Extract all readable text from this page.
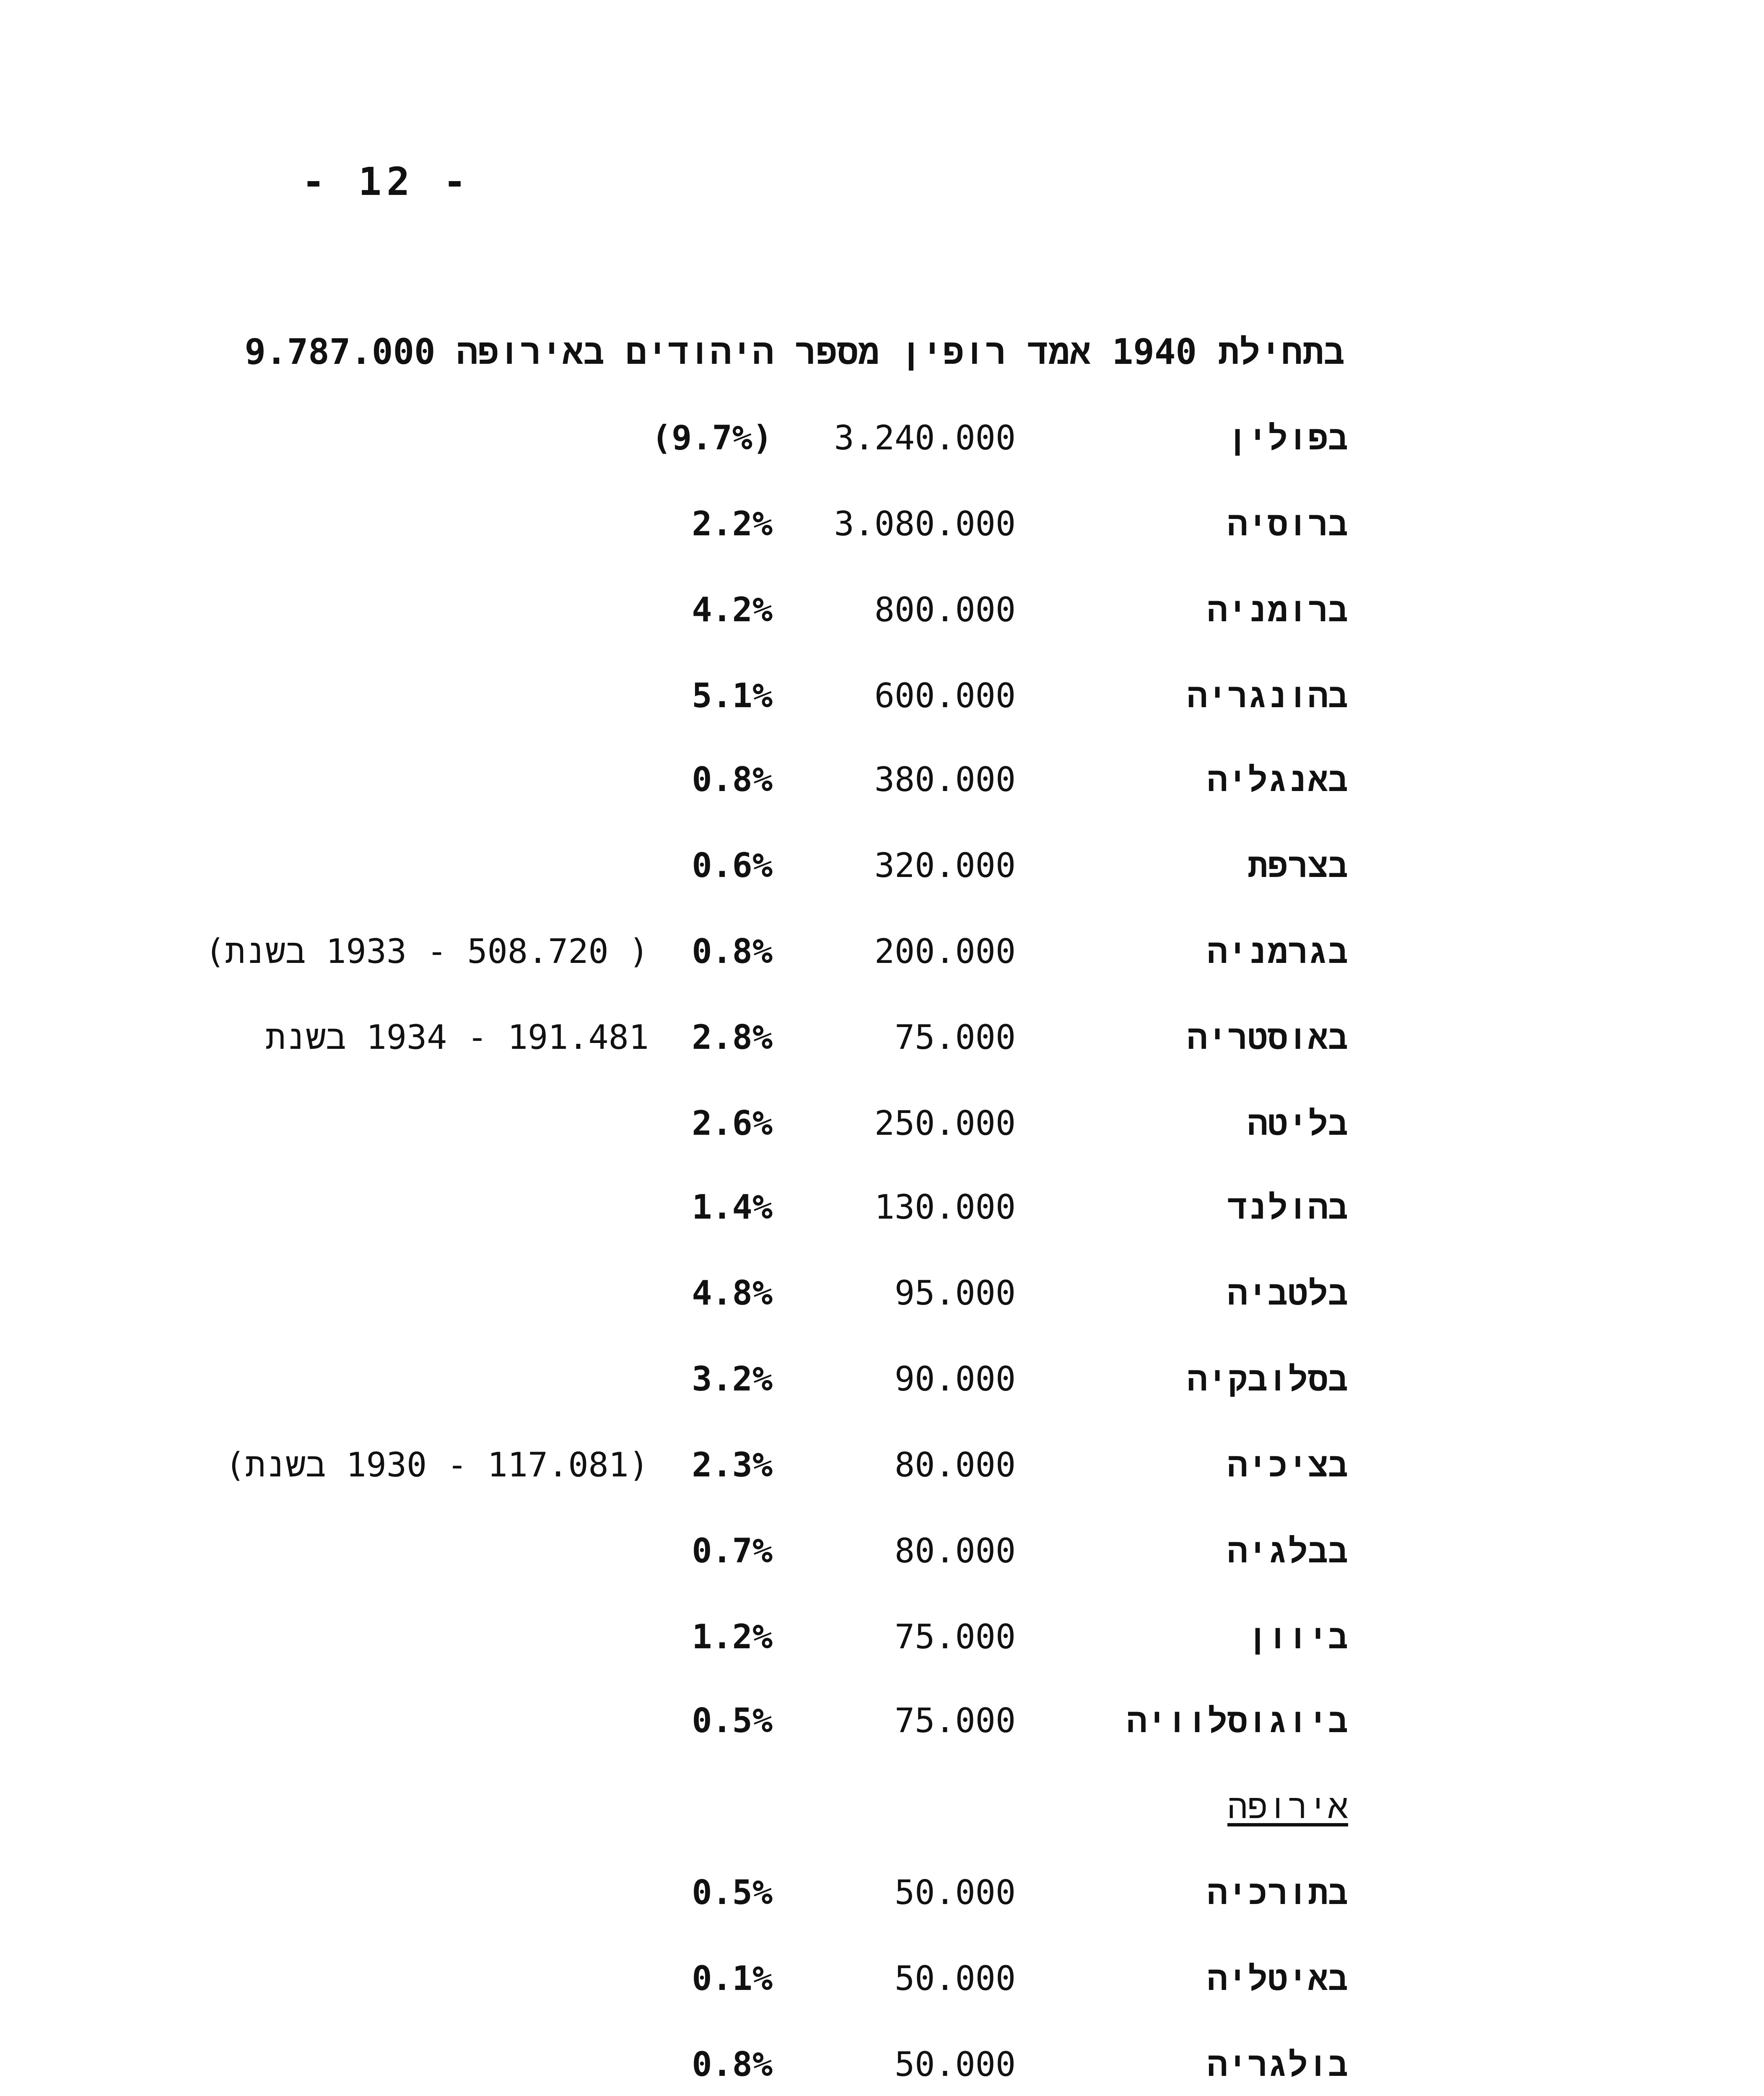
- 12 -
בתחילת 1940 אמד רופין מספר היהודים באירופה 9.787.000
בפולין
3.240.000
(9.7%)
ברוסיה
3.080.000
2.2%
ברומניה
800.000
4.2%
בהונגריה
600.000
5.1%
באנגליה
380.000
0.8%
בצרפת
320.000
0.6%
בגרמניה
200.000
0.8%
( 508.720 - 1933 בשנת)
באוסטריה
75.000
2.8%
191.481 - 1934 בשנת
בליטה
250.000
2.6%
בהולנד
130.000
1.4%
בלטביה
95.000
4.8%
בסלובקיה
90.000
3.2%
בציכיה
80.000
2.3%
(117.081 - 1930 בשנת)
בבלגיה
80.000
0.7%
ביוון
75.000
1.2%
ביוגוסלוויה
75.000
0.5%
אירופה
בתורכיה
50.000
0.5%
באיטליה
50.000
0.1%
בולגריה
50.000
0.8%
